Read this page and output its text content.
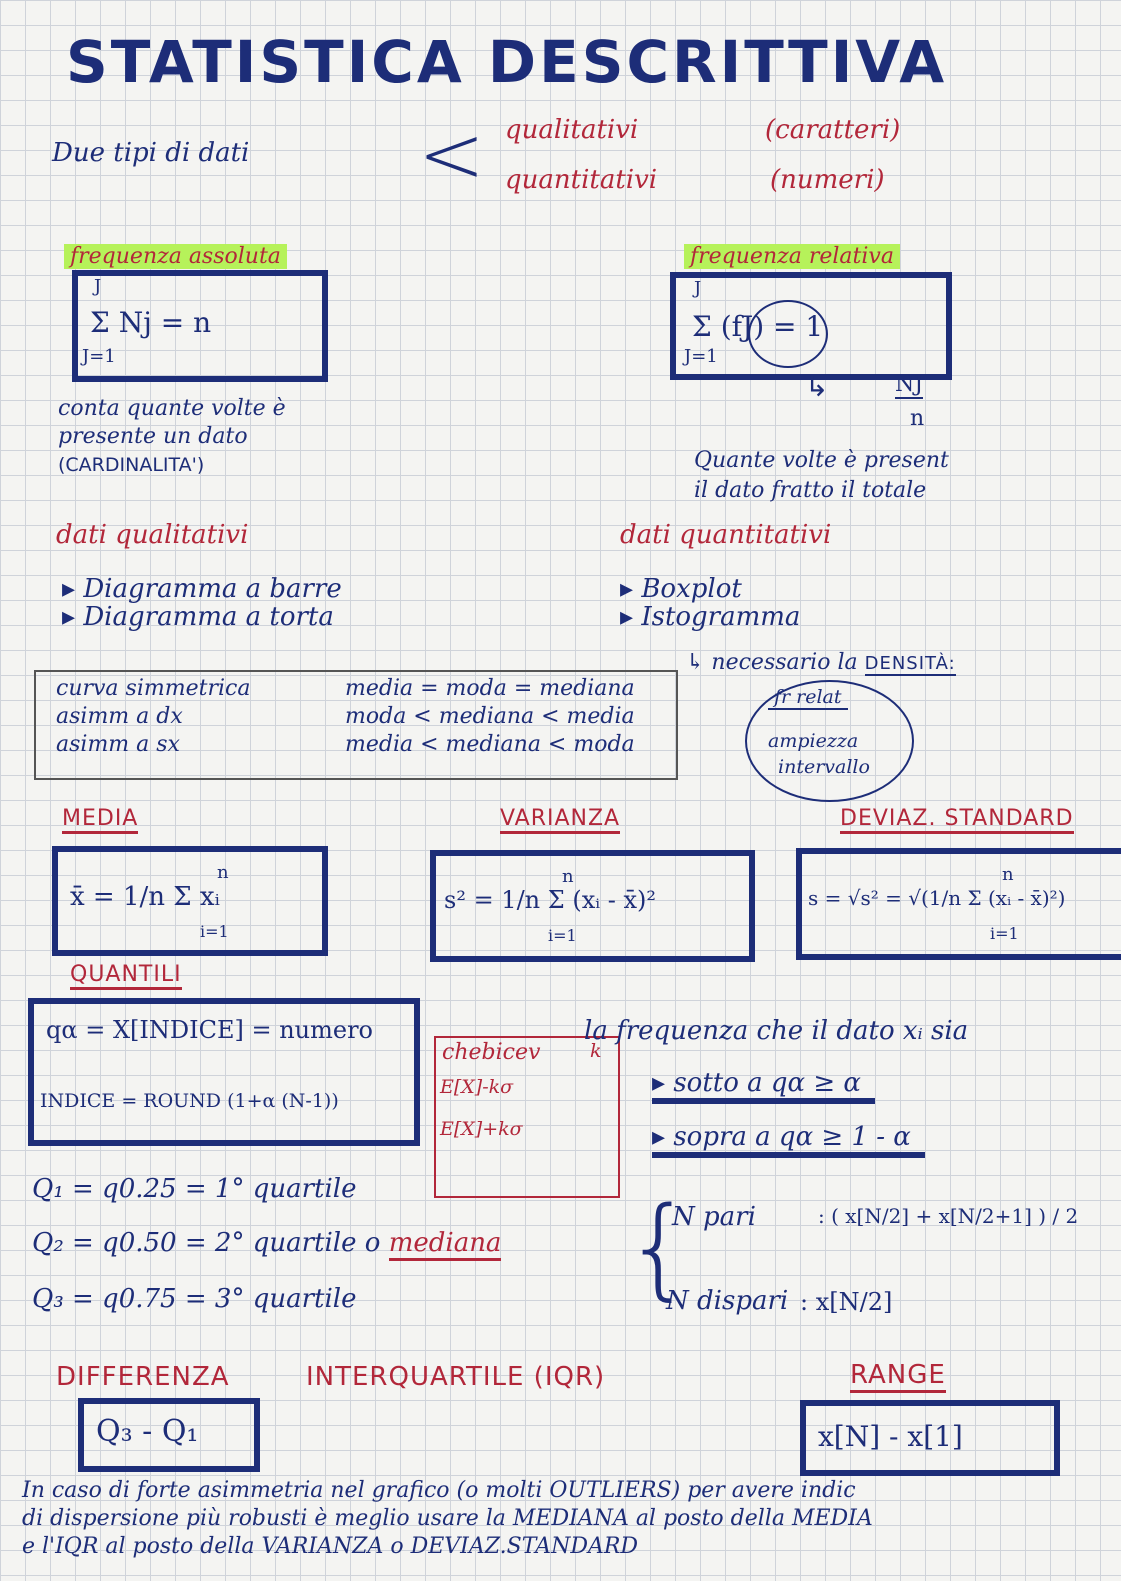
STATISTICA DESCRITTIVA
Due tipi di dati < qualitativi	(caratteri)
quantitativi	(numeri)
frequenza assoluta
J
Σ Nj = n
J=1
conta quante volte è
presente un dato
(CARDINALITA')
frequenza relativa
J
Σ (fJ) = 1
J=1
↳	NJ
n
Quante volte è present
il dato fratto il totale
dati qualitativi
▸ Diagramma a barre
▸ Diagramma a torta
dati quantitativi
▸ Boxplot
▸ Istogramma
↳ necessario la DENSITÀ:
fr relat
ampiezza
intervallo
curva simmetrica	media = moda = mediana
asimm a dx	moda < mediana < media
asimm a sx	media < mediana < moda
MEDIA	VARIANZA	DEVIAZ. STANDARD
n
x̄ = 1/n Σ xᵢ
i=1
n
s² = 1/n Σ (xᵢ - x̄)²
i=1
n
s = √s² = √(1/n Σ (xᵢ - x̄)²)
i=1
QUANTILI
qα = X[INDICE] = numero
INDICE = ROUND (1+α (N-1))
chebicev	k
E[X]-kσ
E[X]+kσ
la frequenza che il dato xᵢ sia
▸ sotto a qα ≥ α
▸ sopra a qα ≥ 1 - α
Q₁ = q0.25 = 1° quartile
Q₂ = q0.50 = 2° quartile o mediana
Q₃ = q0.75 = 3° quartile {
N pari	: ( x[N/2] + x[N/2+1] ) / 2
N dispari : x[N/2]
DIFFERENZA	INTERQUARTILE (IQR)	RANGE
Q₃ - Q₁	x[N] - x[1]
In caso di forte asimmetria nel grafico (o molti OUTLIERS) per avere indic
di dispersione più robusti è meglio usare la MEDIANA al posto della MEDIA
e l'IQR al posto della VARIANZA o DEVIAZ.STANDARD
